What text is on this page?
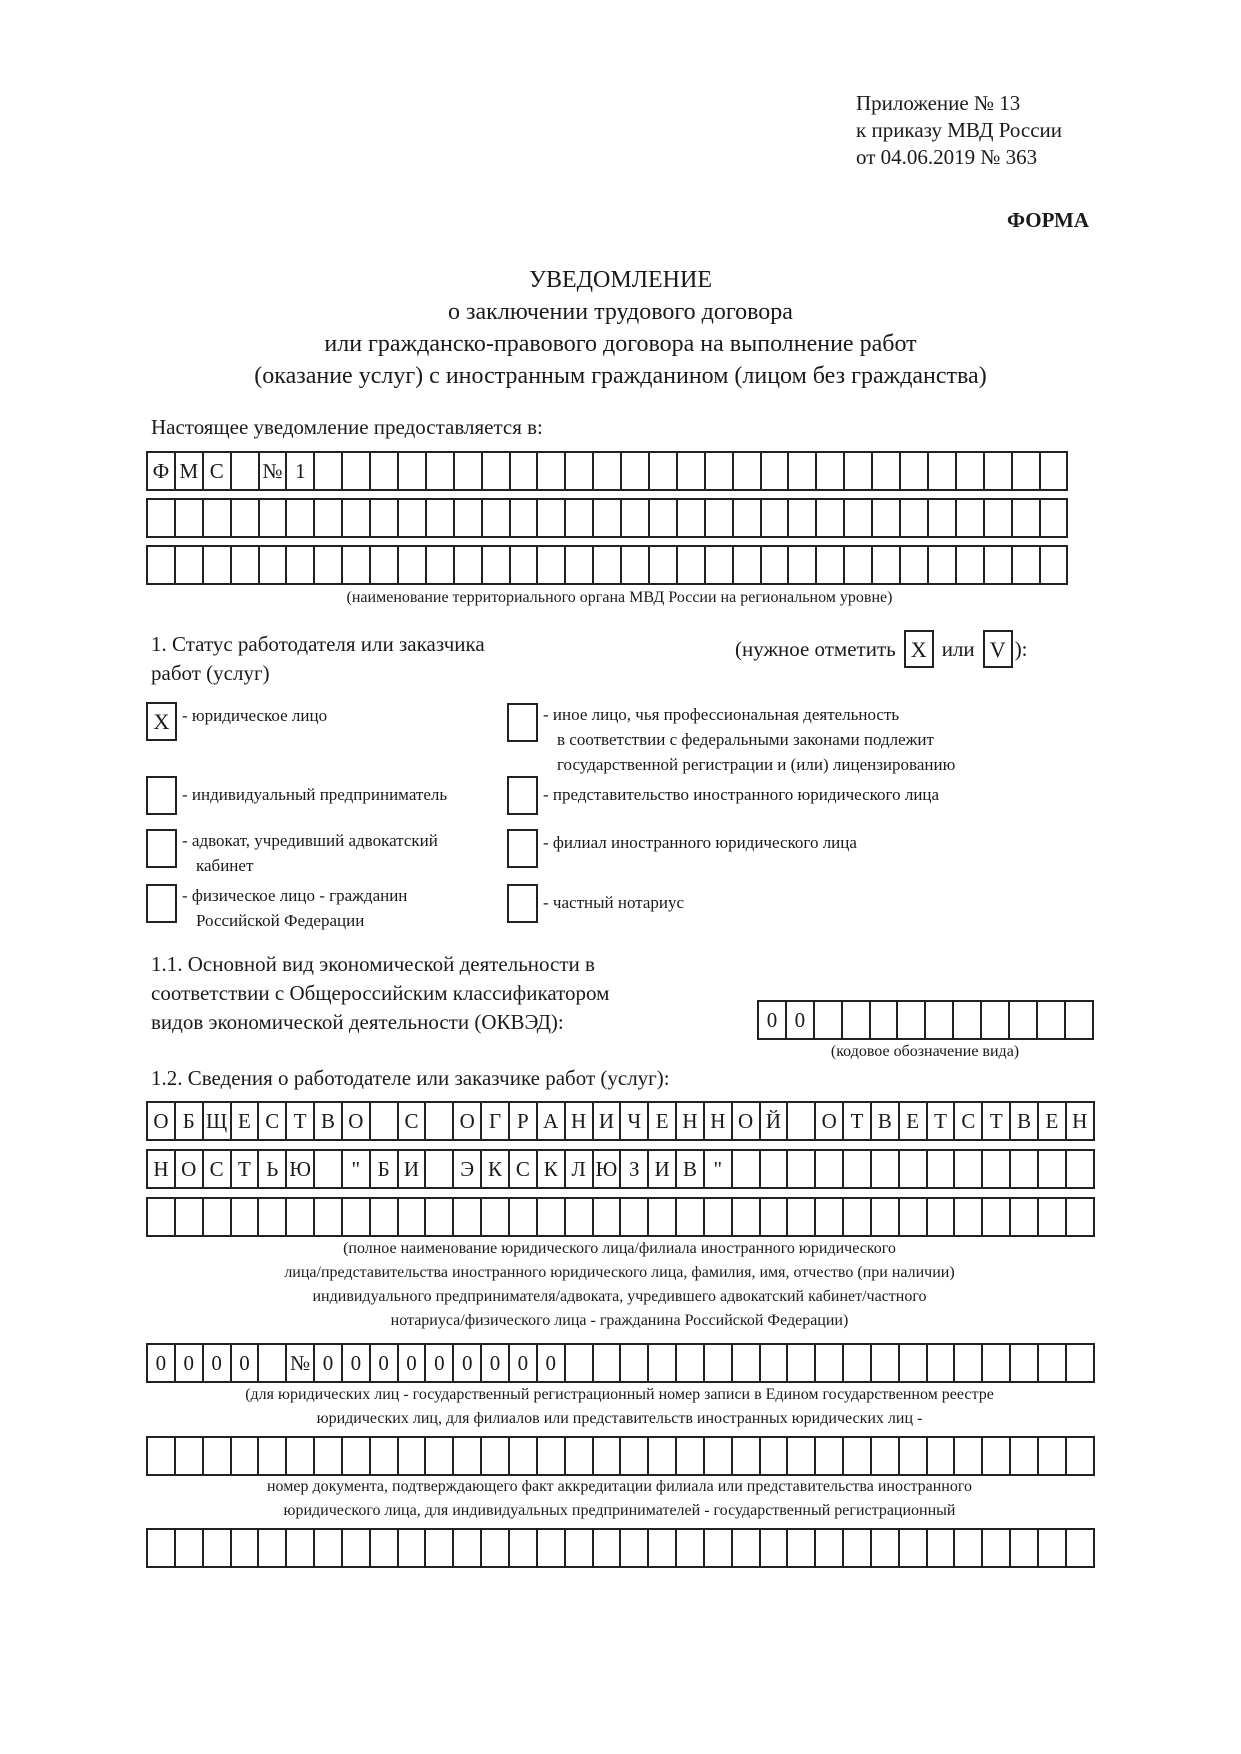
Приложение № 13
к приказу МВД России
от 04.06.2019 № 363
ФОРМА
УВЕДОМЛЕНИЕ
о заключении трудового договора
или гражданско-правового договора на выполнение работ
(оказание услуг) с иностранным гражданином (лицом без гражданства)
Настоящее уведомление предоставляется в:
Ф М С	№ 1
(наименование территориального органа МВД России на региональном уровне)
1. Статус работодателя или заказчика
работ (услуг)
(нужное отметить X или V ):
X - юридическое лицо
- индивидуальный предприниматель
- адвокат, учредивший адвокатский
кабинет
- физическое лицо - гражданин
Российской Федерации
- иное лицо, чья профессиональная деятельность
в соответствии с федеральными законами подлежит
государственной регистрации и (или) лицензированию
- представительство иностранного юридического лица
- филиал иностранного юридического лица
- частный нотариус
1.1. Основной вид экономической деятельности в
соответствии с Общероссийским классификатором
видов экономической деятельности (ОКВЭД):	0 0
(кодовое обозначение вида)
1.2. Сведения о работодателе или заказчике работ (услуг):
О Б Щ Е С Т В О	С	О Г Р А Н И Ч Е Н Н О Й	О Т В Е Т С Т В Е Н
Н О С Т Ь Ю	" Б И	Э К С К Л Ю З И В "
(полное наименование юридического лица/филиала иностранного юридического
лица/представительства иностранного юридического лица, фамилия, имя, отчество (при наличии)
индивидуального предпринимателя/адвоката, учредившего адвокатский кабинет/частного
нотариуса/физического лица - гражданина Российской Федерации)
0 0 0 0	№ 0 0 0 0 0 0 0 0 0
(для юридических лиц - государственный регистрационный номер записи в Едином государственном реестре
юридических лиц, для филиалов или представительств иностранных юридических лиц -
номер документа, подтверждающего факт аккредитации филиала или представительства иностранного
юридического лица, для индивидуальных предпринимателей - государственный регистрационный
